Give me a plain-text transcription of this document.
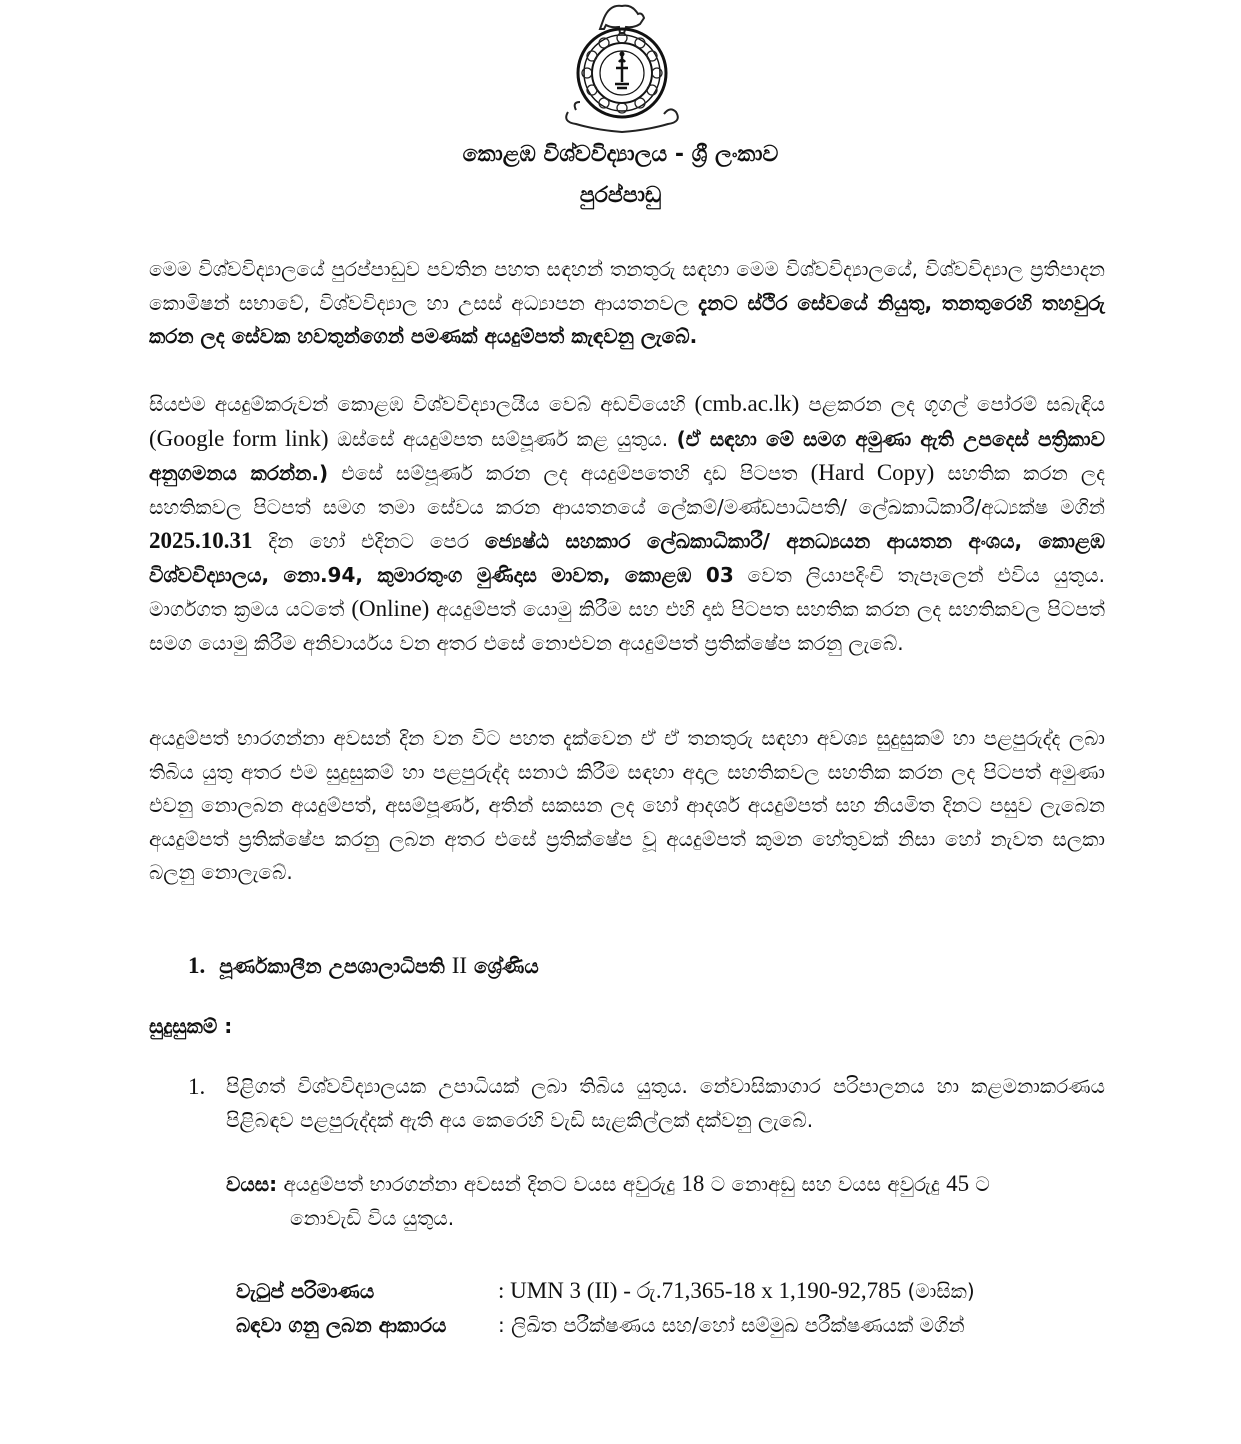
කොළඹ විශ්වවිද්‍යාලය - ශ්‍රී ලංකාව
පුරප්පාඩු
මෙම විශ්වවිද්‍යාලයේ පුරප්පාඩුව පවතින පහත සඳහන් තනතුරු සඳහා මෙම විශ්වවිද්‍යාලයේ, විශ්වවිද්‍යාල ප්‍රතිපාදන කොමිෂන් සභාවේ, විශ්වවිද්‍යාල හා උසස් අධ්‍යාපන ආයතනවල දැනට ස්ථිර සේවයේ නියුතු, තනතුරෙහි තහවුරු කරන ලද සේවක හවතුන්ගෙන් පමණක් අයදුම්පත් කැඳවනු ලැබේ.
සියළුම අයදුම්කරුවන් කොළඹ විශ්වවිද්‍යාලයීය වෙබ් අඩවියෙහි (cmb.ac.lk) පළකරන ලද ගූගල් පෝරම් සබැඳිය (Google form link) ඔස්සේ අයදුම්පත සම්පූර්ණ කළ යුතුය. (ඒ සඳහා මේ සමග අමුණා ඇති උපදෙස් පත්‍රිකාව අනුගමනය කරන්න.) එසේ සම්පූර්ණ කරන ලද අයදුම්පතෙහි දෘඩ පිටපත (Hard Copy) සහතික කරන ලද සහතිකවල පිටපත් සමග තමා සේවය කරන ආයතනයේ ලේකම්/මණ්ඩපාධිපති/ ලේඛකාධිකාරී/අධ්‍යක්ෂ මගින් 2025.10.31 දින හෝ එදිනට පෙර ජ්‍යෙෂ්ඨ සහකාර ලේඛකාධිකාරී/ අනධ්‍යයන ආයතන අංශය, කොළඹ විශ්වවිද්‍යාලය, නො.94, කුමාරතුංග මුණිදාස මාවත, කොළඹ 03 වෙත ලියාපදිංචි තැපෑලෙන් එවිය යුතුය. මාර්ගගත ක්‍රමය යටතේ (Online) අයදුම්පත් යොමු කිරීම සහ එහි දෘඪ පිටපත සහතික කරන ලද සහතිකවල පිටපත් සමග යොමු කිරීම අනිවාර්යය වන අතර එසේ නොඑවන අයදුම්පත් ප්‍රතික්ෂේප කරනු ලැබේ.
අයදුම්පත් භාරගන්නා අවසන් දින වන විට පහත දැක්වෙන ඒ ඒ තනතුරු සඳහා අවශ්‍ය සුදුසුකම් හා පළපුරුද්ද ලබා තිබිය යුතු අතර එම සුදුසුකම් හා පළපුරුද්ද සනාථ කිරීම සඳහා අදාල සහතිකවල සහතික කරන ලද පිටපත් අමුණා එවනු නොලබන අයදුම්පත්, අසම්පූර්ණ, අතින් සකසන ලද හෝ ආදර්ශ අයදුම්පත් සහ නියමිත දිනට පසුව ලැබෙන අයදුම්පත් ප්‍රතික්ෂේප කරනු ලබන අතර එසේ ප්‍රතික්ෂේප වූ අයදුම්පත් කුමන හේතුවක් නිසා හෝ නැවත සලකා බලනු නොලැබේ.
1. පූර්ණකාලීන උපශාලාධිපති II ශ්‍රේණිය
සුදුසුකම් :
1. පිළිගත් විශ්වවිද්‍යාලයක උපාධියක් ලබා තිබිය යුතුය. නේවාසිකාගාර පරිපාලනය හා කළමනාකරණය පිළිබඳව පළපුරුද්දක් ඇති අය කෙරෙහි වැඩි සැළකිල්ලක් දක්වනු ලැබේ.
වයස: අයදුම්පත් භාරගන්නා අවසන් දිනට වයස අවුරුදු 18 ට නොඅඩු සහ වයස අවුරුදු 45 ට
නොවැඩි විය යුතුය.
වැටුප් පරිමාණය	: UMN 3 (II) - රු.71,365-18 x 1,190-92,785 (මාසික)
බඳවා ගනු ලබන ආකාරය	: ලිඛිත පරීක්ෂණය සහ/හෝ සම්මුඛ පරීක්ෂණයක් මගින්
